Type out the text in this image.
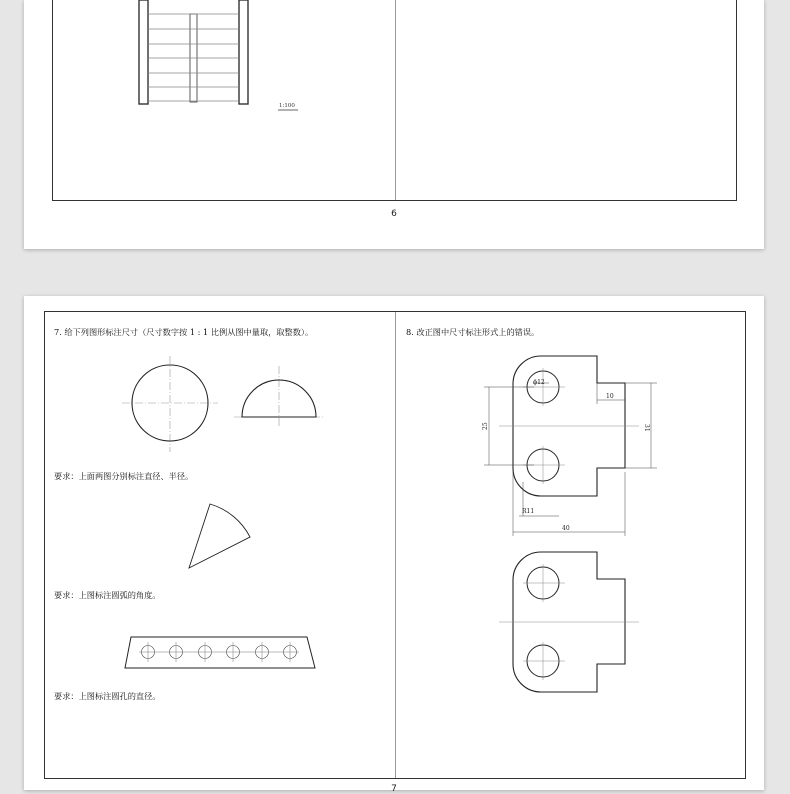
1:100
6
7. 给下列图形标注尺寸（尺寸数字按 1 : 1 比例从图中量取，取整数）。
要求：上面两图分别标注直径、半径。
要求：上图标注圆弧的角度。
要求：上图标注圆孔的直径。
8. 改正图中尺寸标注形式上的错误。
ϕ12
10
31
25
R11
40
7
